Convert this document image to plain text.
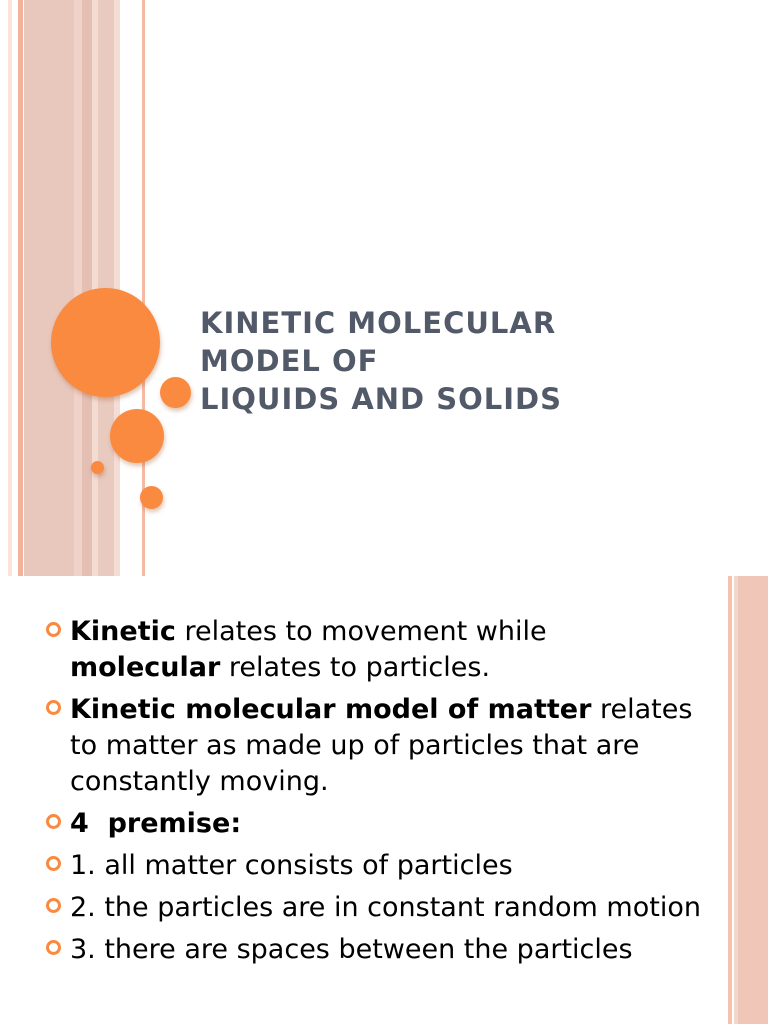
KINETIC MOLECULAR
MODEL OF
LIQUIDS AND SOLIDS
Kinetic relates to movement while molecular relates to particles.
Kinetic molecular model of matter relates to matter as made up of particles that are constantly moving.
4  premise:
1. all matter consists of particles
2. the particles are in constant random motion
3. there are spaces between the particles
